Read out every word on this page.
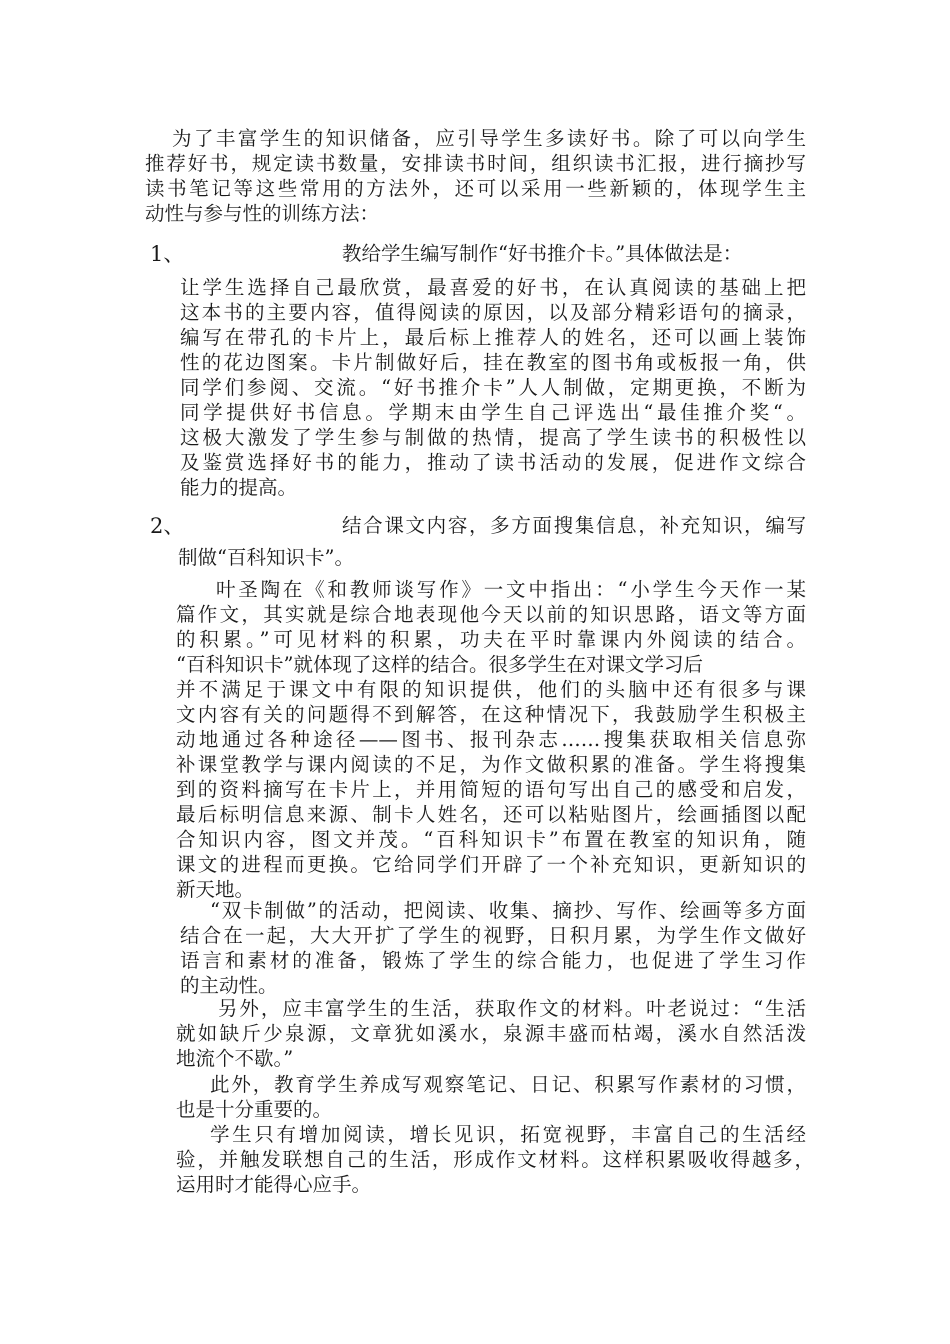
为了丰富学生的知识储备，应引导学生多读好书。除了可以向学生
推荐好书，规定读书数量，安排读书时间，组织读书汇报，进行摘抄写
读书笔记等这些常用的方法外，还可以采用一些新颖的，体现学生主
动性与参与性的训练方法：
1、	教给学生编写制作“好书推介卡。”具体做法是：
让学生选择自己最欣赏，最喜爱的好书，在认真阅读的基础上把
这本书的主要内容，值得阅读的原因，以及部分精彩语句的摘录，
编写在带孔的卡片上，最后标上推荐人的姓名，还可以画上装饰
性的花边图案。卡片制做好后，挂在教室的图书角或板报一角，供
同学们参阅、交流。“好书推介卡”人人制做，定期更换，不断为
同学提供好书信息。学期末由学生自己评选出“最佳推介奖“。
这极大激发了学生参与制做的热情，提高了学生读书的积极性以
及鉴赏选择好书的能力，推动了读书活动的发展，促进作文综合
能力的提高。
2、	结合课文内容，多方面搜集信息，补充知识，编写
制做“百科知识卡”。
叶圣陶在《和教师谈写作》一文中指出：“小学生今天作一某
篇作文，其实就是综合地表现他今天以前的知识思路，语文等方面
的积累。”可见材料的积累，功夫在平时靠课内外阅读的结合。
“百科知识卡”就体现了这样的结合。很多学生在对课文学习后
并不满足于课文中有限的知识提供，他们的头脑中还有很多与课
文内容有关的问题得不到解答，在这种情况下，我鼓励学生积极主
动地通过各种途径——图书、报刊杂志……搜集获取相关信息弥
补课堂教学与课内阅读的不足，为作文做积累的准备。学生将搜集
到的资料摘写在卡片上，并用简短的语句写出自己的感受和启发，
最后标明信息来源、制卡人姓名，还可以粘贴图片，绘画插图以配
合知识内容，图文并茂。“百科知识卡”布置在教室的知识角，随
课文的进程而更换。它给同学们开辟了一个补充知识，更新知识的
新天地。
“双卡制做”的活动，把阅读、收集、摘抄、写作、绘画等多方面
结合在一起，大大开扩了学生的视野，日积月累，为学生作文做好
语言和素材的准备，锻炼了学生的综合能力，也促进了学生习作
的主动性。
另外，应丰富学生的生活，获取作文的材料。叶老说过：“生活
就如缺斤少泉源，文章犹如溪水，泉源丰盛而枯竭，溪水自然活泼
地流个不歇。”
此外，教育学生养成写观察笔记、日记、积累写作素材的习惯，
也是十分重要的。
学生只有增加阅读，增长见识，拓宽视野，丰富自己的生活经
验，并触发联想自己的生活，形成作文材料。这样积累吸收得越多，
运用时才能得心应手。
